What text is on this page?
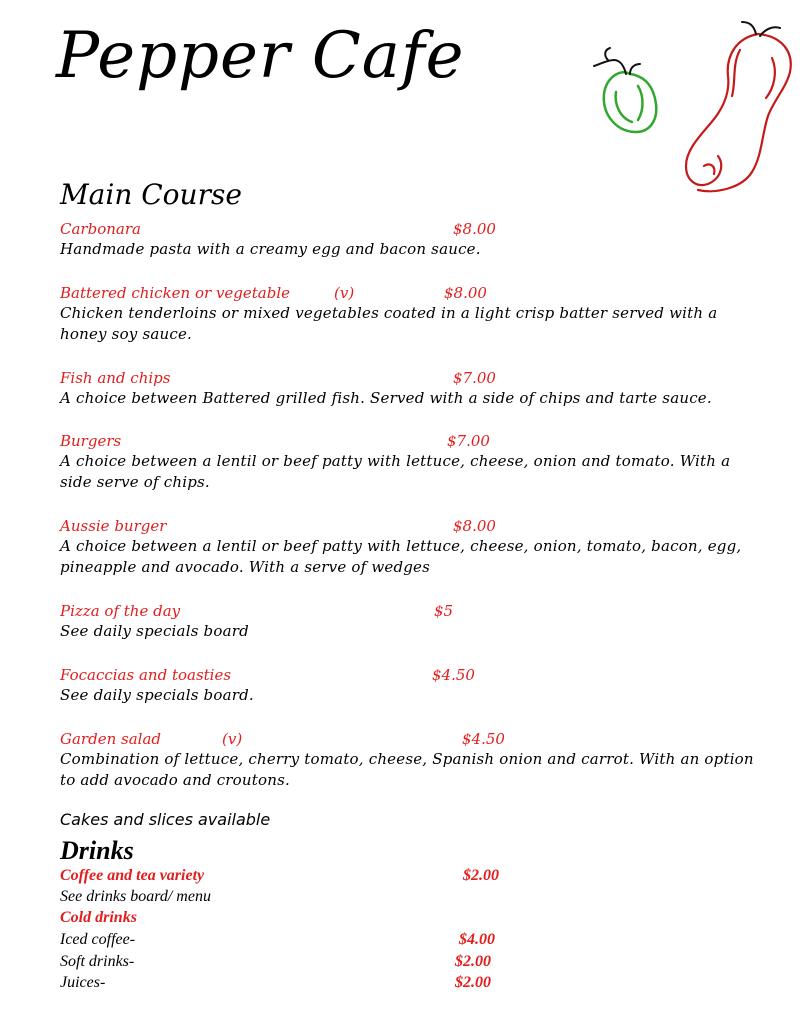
Pepper Cafe
Main Course
Carbonara	$8.00
Handmade pasta with a creamy egg and bacon sauce.
Battered chicken or vegetable	(v)	$8.00
Chicken tenderloins or mixed vegetables coated in a light crisp batter served with a honey soy sauce.
Fish and chips	$7.00
A choice between Battered grilled fish. Served with a side of chips and tarte sauce.
Burgers	$7.00
A choice between a lentil or beef patty with lettuce, cheese, onion and tomato. With a side serve of chips.
Aussie burger	$8.00
A choice between a lentil or beef patty with lettuce, cheese, onion, tomato, bacon, egg, pineapple and avocado. With a serve of wedges
Pizza of the day	$5
See daily specials board
Focaccias and toasties	$4.50
See daily specials board.
Garden salad	(v)	$4.50
Combination of lettuce, cherry tomato, cheese, Spanish onion and carrot. With an option to add avocado and croutons.
Cakes and slices available
Drinks
Coffee and tea variety	$2.00
See drinks board/ menu
Cold drinks
Iced coffee-	$4.00
Soft drinks-	$2.00
Juices-	$2.00
